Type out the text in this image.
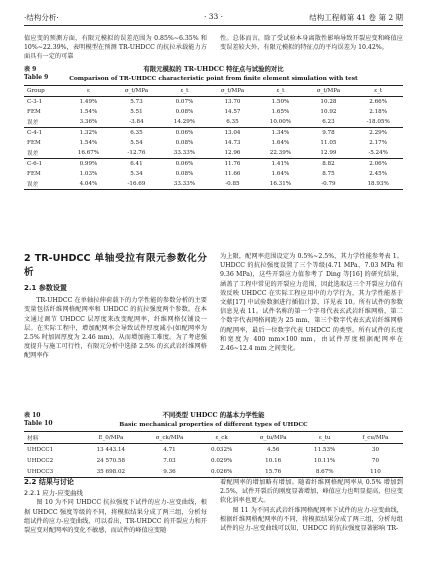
·结构分析·	· 33 ·	结构工程师第 41 卷 第 2 期

值应变的预测方面，有限元模拟的误差范围为 0.85%~6.35% 和 10%~22.39%，表明模型在预测 TR-UHDCC 的抗拉承载能力方面具有一定的可靠

性。总体而言，除了受试验本身离散性影响导致开裂应变和峰值应变误差较大外，有限元模拟的特征点的平均误差为 10.42%。

表 9	有限元模拟的 TR-UHDCC 特征点与试验的对比
Table 9	Comparison of TR-UHDCC characteristic point from finite element simulation with test
Group	ε	σ_t/MPa	ε_t	σ_t/MPa	ε_t	σ_t/MPa	ε_t
C-3-1	1.49%	5.73	0.07%	13.70	1.50%	10.28	2.66%
FEM	1.54%	5.51	0.08%	14.57	1.65%	10.92	2.18%
误差	3.36%	-3.84	14.29%	6.35	10.00%	6.23	-18.05%
C-4-1	1.32%	6.35	0.06%	13.04	1.34%	9.78	2.29%
FEM	1.54%	5.54	0.08%	14.73	1.64%	11.05	2.17%
误差	16.67%	-12.76	33.33%	12.96	22.39%	12.99	-5.24%
C-6-1	0.99%	6.41	0.06%	11.76	1.41%	8.82	2.06%
FEM	1.03%	5.34	0.08%	11.66	1.64%	8.75	2.45%
误差	4.04%	-16.69	33.33%	-0.85	16.31%	-0.79	18.93%
2 TR-UHDCC 单轴受拉有限元参数化分析

2.1 参数设置

TR-UHDCC 在单轴拉伸荷载下的力学性能的参数分析的主要变量包括纤维网格配网率和 UHDCC 的抗拉强度两个参数。在本文通过调节 UHDCC 层厚度来改变配网率，纤维网格仅铺设一层。在实际工程中，增加配网率会导致试件厚度减小(如配网率为 2.5% 时加固厚度为 2.46 mm)，从而增加施工难度。为了考虑强度提升与施工可行性，有限元分析中选择 2.5% 的玄武岩纤维网格配网率作

为上限，配网率范围设定为 0.5%~2.5%，其力学性能参考表 1。UHDCC 的抗拉强度设置了三个等级(4.71 MPa、7.03 MPa 和 9.36 MPa)，这些开裂应力值参考了 Ding 等[16] 的研究结果，涵盖了工程中常见的开裂应力范围，因此选取这三个开裂应力值有效反映 UHDCC 在实际工程应用中的力学行为，其力学性能基于文献[17] 中试验数据进行插值计算，详见表 10。所有试件的参数信息见表 11。试件名称的第一个字母代表玄武岩纤维网格，第二个数字代表网格间距为 25 mm，第三个数字代表玄武岩纤维网格的配网率，最后一位数字代表 UHDCC 的类型。所有试件的长度和宽度为 400 mm×100 mm，由试件厚度根据配网率在 2.46~12.4 mm 之间变化。

表 10	不同类型 UHDCC 的基本力学性能
Table 10	Basic mechanical properties of different types of UHDCC
材料	E_0/MPa	σ_ck/MPa	ε_ck	σ_tu/MPa	ε_tu	f_cu/MPa
UHDCC1	13 443.14	4.71	0.032%	4.56	11.53%	30
UHDCC2	24 570.58	7.03	0.029%	10.16	10.11%	70
UHDCC3	35 698.02	9.36	0.026%	15.76	8.67%	110

2.2 结果与讨论

2.2.1 应力-应变曲线

图 10 为不同 UHDCC 抗拉强度下试件的应力-应变曲线，根据 UHDCC 强度等级的不同，将模拟结果分成了两三组，分析每组试件的应力-应变曲线，可以看出，TR-UHDCC 的开裂应力和开裂应变对配网率的变化不敏感，而试件的峰值应变随

着配网率的增加略有增加。随着纤维网格配网率从 0.5% 增加到 2.5%，试件开裂后的刚度显著增加，峰值应力也明显提高，但应变软化斜率也更大。

图 11 为不同玄武岩纤维网格配网率下试件的应力-应变曲线，根据纤维网格配网率的不同，将模拟结果分成了两三组，分析每组试件的应力-应变曲线可以知，UHDCC 的抗拉强度显著影响 TR-
